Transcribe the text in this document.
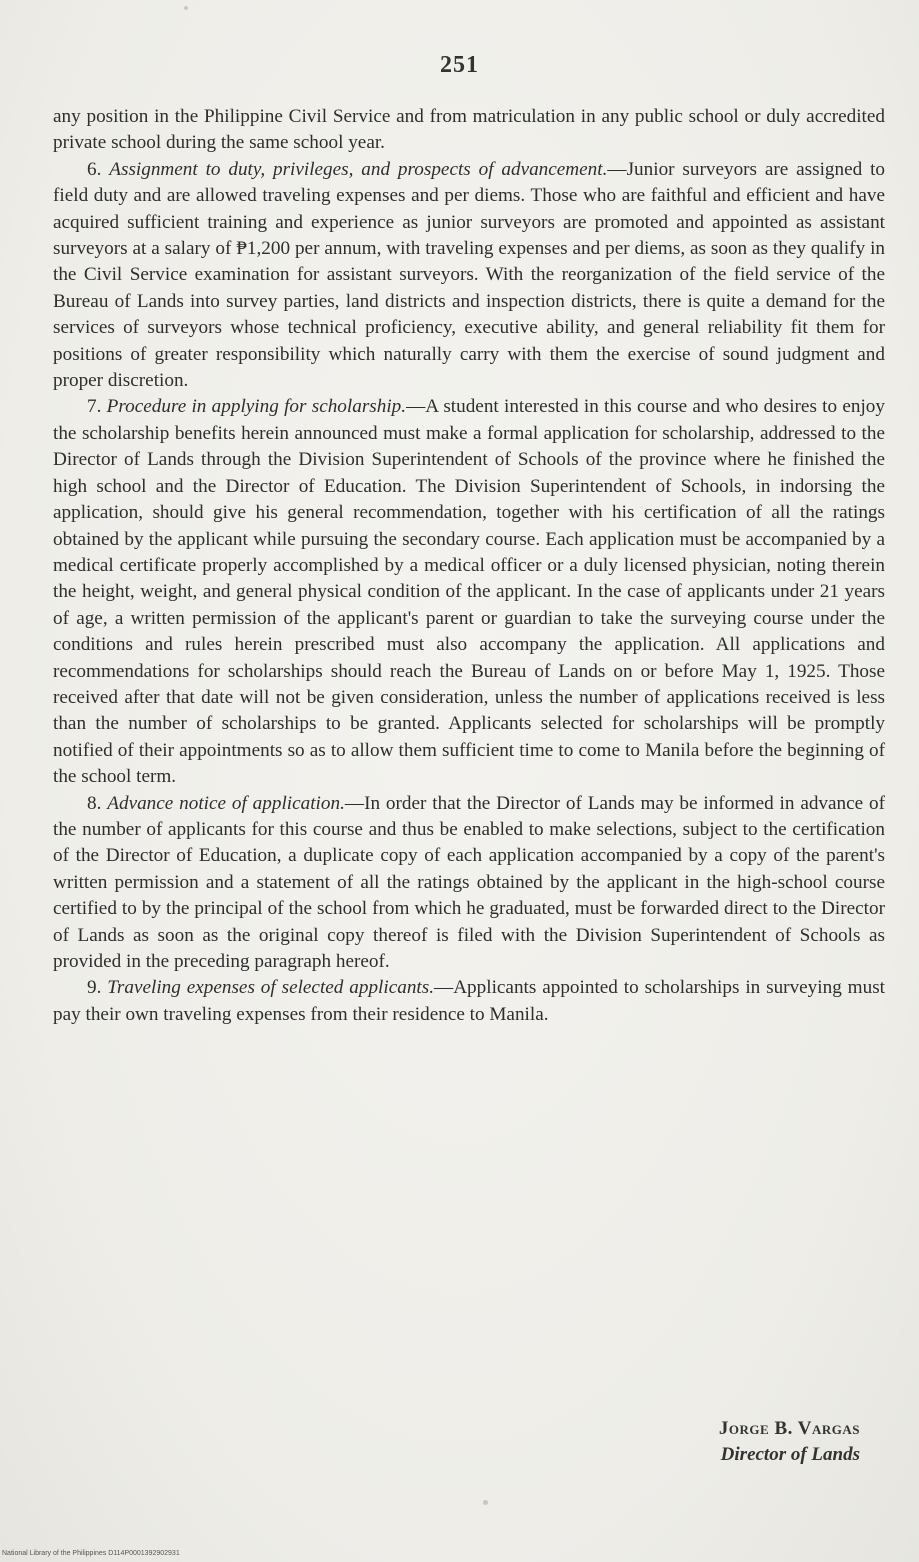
251

any position in the Philippine Civil Service and from matriculation in any public school or duly accredited private school during the same school year.

6. Assignment to duty, privileges, and prospects of advancement.—Junior surveyors are assigned to field duty and are allowed traveling expenses and per diems. Those who are faithful and efficient and have acquired sufficient training and experience as junior surveyors are promoted and appointed as assistant surveyors at a salary of ₱1,200 per annum, with traveling expenses and per diems, as soon as they qualify in the Civil Service examination for assistant surveyors. With the reorganization of the field service of the Bureau of Lands into survey parties, land districts and inspection districts, there is quite a demand for the services of surveyors whose technical proficiency, executive ability, and general reliability fit them for positions of greater responsibility which naturally carry with them the exercise of sound judgment and proper discretion.

7. Procedure in applying for scholarship.—A student interested in this course and who desires to enjoy the scholarship benefits herein announced must make a formal application for scholarship, addressed to the Director of Lands through the Division Superintendent of Schools of the province where he finished the high school and the Director of Education. The Division Superintendent of Schools, in indorsing the application, should give his general recommendation, together with his certification of all the ratings obtained by the applicant while pursuing the secondary course. Each application must be accompanied by a medical certificate properly accomplished by a medical officer or a duly licensed physician, noting therein the height, weight, and general physical condition of the applicant. In the case of applicants under 21 years of age, a written permission of the applicant's parent or guardian to take the surveying course under the conditions and rules herein prescribed must also accompany the application. All applications and recommendations for scholarships should reach the Bureau of Lands on or before May 1, 1925. Those received after that date will not be given consideration, unless the number of applications received is less than the number of scholarships to be granted. Applicants selected for scholarships will be promptly notified of their appointments so as to allow them sufficient time to come to Manila before the beginning of the school term.

8. Advance notice of application.—In order that the Director of Lands may be informed in advance of the number of applicants for this course and thus be enabled to make selections, subject to the certification of the Director of Education, a duplicate copy of each application accompanied by a copy of the parent's written permission and a statement of all the ratings obtained by the applicant in the high-school course certified to by the principal of the school from which he graduated, must be forwarded direct to the Director of Lands as soon as the original copy thereof is filed with the Division Superintendent of Schools as provided in the preceding paragraph hereof.

9. Traveling expenses of selected applicants.—Applicants appointed to scholarships in surveying must pay their own traveling expenses from their residence to Manila.

Jorge B. Vargas
Director of Lands
National Library of the Philippines D114P0001392902931
